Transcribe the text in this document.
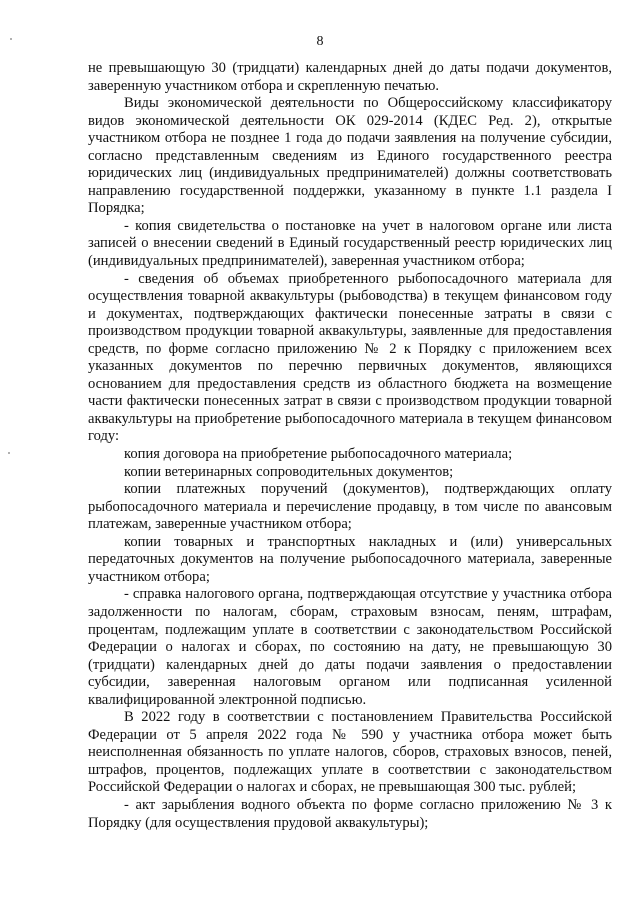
8

не превышающую 30 (тридцати) календарных дней до даты подачи документов, заверенную участником отбора и скрепленную печатью.

Виды экономической деятельности по Общероссийскому классификатору видов экономической деятельности ОК 029-2014 (КДЕС Ред. 2), открытые участником отбора не позднее 1 года до подачи заявления на получение субсидии, согласно представленным сведениям из Единого государственного реестра юридических лиц (индивидуальных предпринимателей) должны соответствовать направлению государственной поддержки, указанному в пункте 1.1 раздела I Порядка;

- копия свидетельства о постановке на учет в налоговом органе или листа записей о внесении сведений в Единый государственный реестр юридических лиц (индивидуальных предпринимателей), заверенная участником отбора;

- сведения об объемах приобретенного рыбопосадочного материала для осуществления товарной аквакультуры (рыбоводства) в текущем финансовом году и документах, подтверждающих фактически понесенные затраты в связи с производством продукции товарной аквакультуры, заявленные для предоставления средств, по форме согласно приложению № 2 к Порядку с приложением всех указанных документов по перечню первичных документов, являющихся основанием для предоставления средств из областного бюджета на возмещение части фактически понесенных затрат в связи с производством продукции товарной аквакультуры на приобретение рыбопосадочного материала в текущем финансовом году:

копия договора на приобретение рыбопосадочного материала;

копии ветеринарных сопроводительных документов;

копии платежных поручений (документов), подтверждающих оплату рыбопосадочного материала и перечисление продавцу, в том числе по авансовым платежам, заверенные участником отбора;

копии товарных и транспортных накладных и (или) универсальных передаточных документов на получение рыбопосадочного материала, заверенные участником отбора;

- справка налогового органа, подтверждающая отсутствие у участника отбора задолженности по налогам, сборам, страховым взносам, пеням, штрафам, процентам, подлежащим уплате в соответствии с законодательством Российской Федерации о налогах и сборах, по состоянию на дату, не превышающую 30 (тридцати) календарных дней до даты подачи заявления о предоставлении субсидии, заверенная налоговым органом или подписанная усиленной квалифицированной электронной подписью.

В 2022 году в соответствии с постановлением Правительства Российской Федерации от 5 апреля 2022 года № 590 у участника отбора может быть неисполненная обязанность по уплате налогов, сборов, страховых взносов, пеней, штрафов, процентов, подлежащих уплате в соответствии с законодательством Российской Федерации о налогах и сборах, не превышающая 300 тыс. рублей;

- акт зарыбления водного объекта по форме согласно приложению № 3 к Порядку (для осуществления прудовой аквакультуры);
